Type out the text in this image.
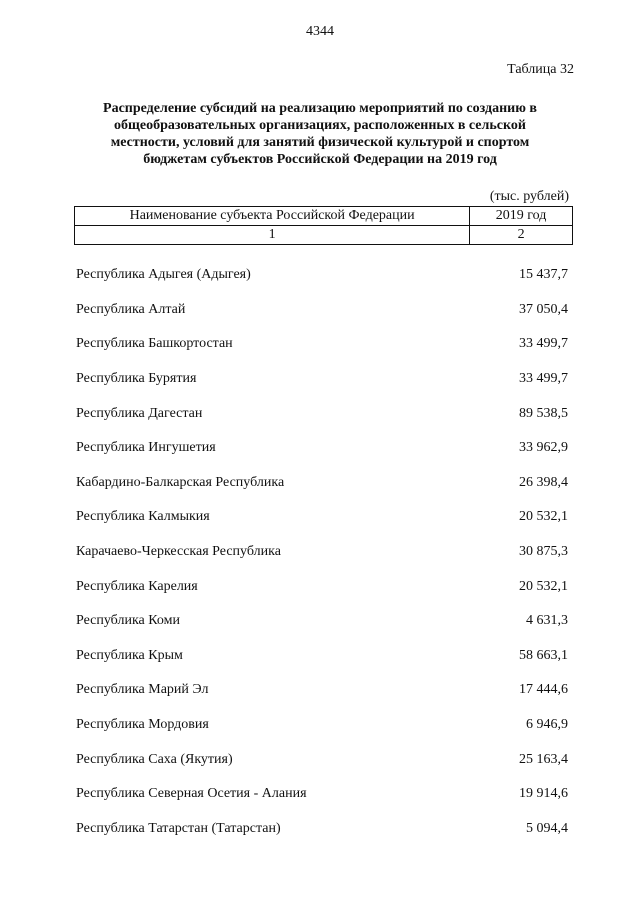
4344
Таблица 32
Распределение субсидий на реализацию мероприятий по созданию в
общеобразовательных организациях, расположенных в сельской
местности, условий для занятий физической культурой и спортом
бюджетам субъектов Российской Федерации на 2019 год
(тыс. рублей)
Наименование субъекта Российской Федерации	2019 год
1	2
Республика Адыгея (Адыгея)	15 437,7
Республика Алтай	37 050,4
Республика Башкортостан	33 499,7
Республика Бурятия	33 499,7
Республика Дагестан	89 538,5
Республика Ингушетия	33 962,9
Кабардино-Балкарская Республика	26 398,4
Республика Калмыкия	20 532,1
Карачаево-Черкесская Республика	30 875,3
Республика Карелия	20 532,1
Республика Коми	4 631,3
Республика Крым	58 663,1
Республика Марий Эл	17 444,6
Республика Мордовия	6 946,9
Республика Саха (Якутия)	25 163,4
Республика Северная Осетия - Алания	19 914,6
Республика Татарстан (Татарстан)	5 094,4
